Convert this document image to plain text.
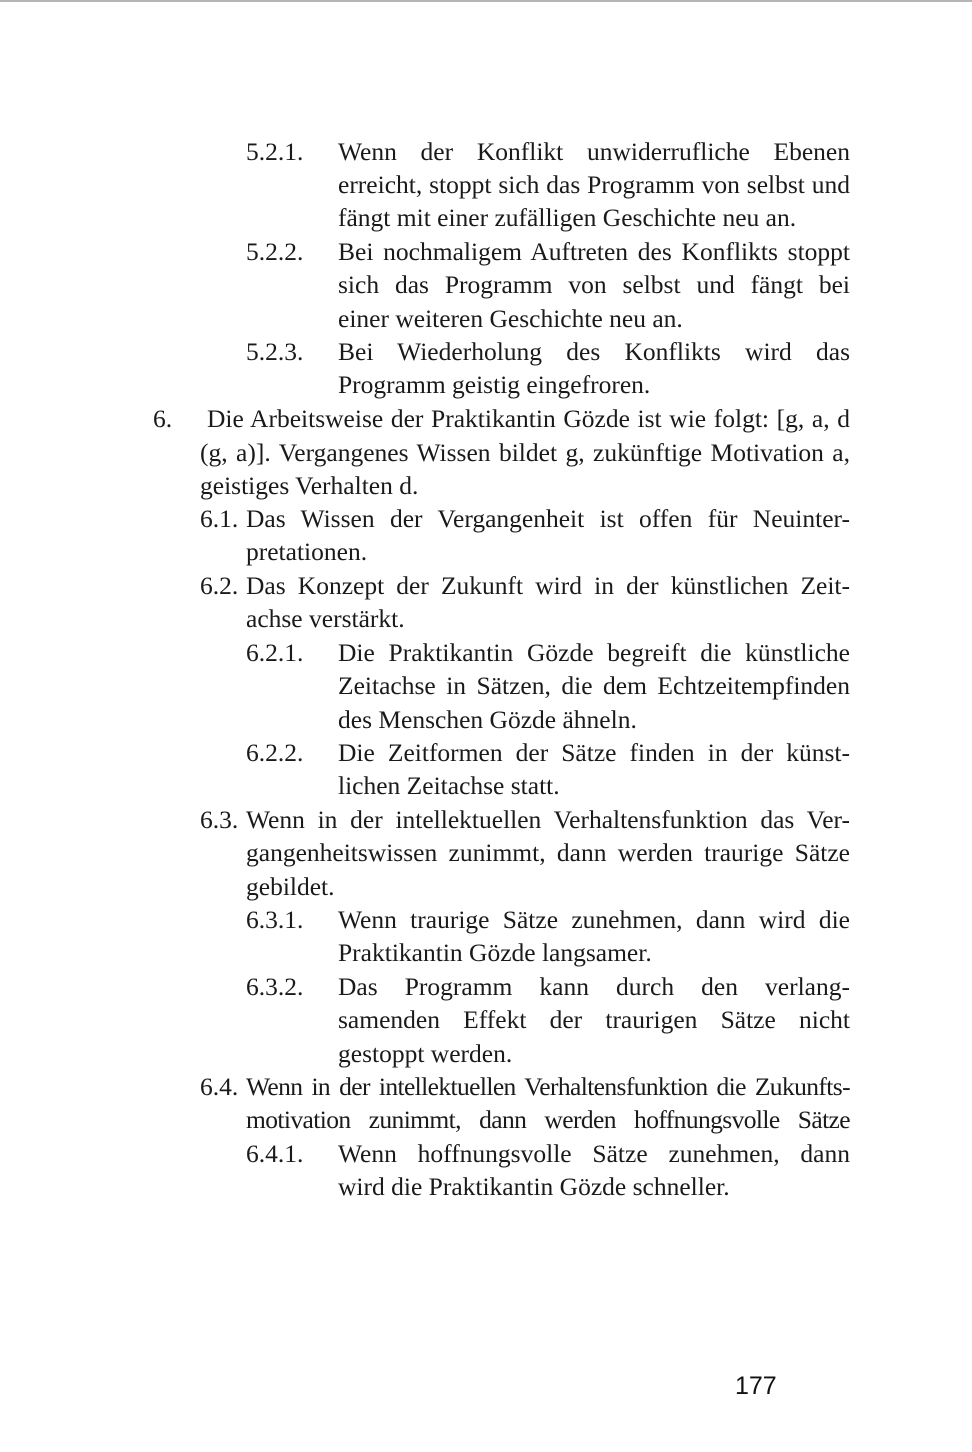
5.2.1. Wenn der Konflikt unwiderrufliche Ebenen
erreicht, stoppt sich das Programm von selbst und
fängt mit einer zufälligen Geschichte neu an.
5.2.2. Bei nochmaligem Auftreten des Konflikts stoppt
sich das Programm von selbst und fängt bei
einer weiteren Geschichte neu an.
5.2.3. Bei Wiederholung des Konflikts wird das
Programm geistig eingefroren.
6. Die Arbeitsweise der Praktikantin Gözde ist wie folgt: [g, a, d
(g, a)]. Vergangenes Wissen bildet g, zukünftige Motivation a,
geistiges Verhalten d.
6.1. Das Wissen der Vergangenheit ist offen für Neuinter-
pretationen.
6.2. Das Konzept der Zukunft wird in der künstlichen Zeit-
achse verstärkt.
6.2.1. Die Praktikantin Gözde begreift die künstliche
Zeitachse in Sätzen, die dem Echtzeitempfinden
des Menschen Gözde ähneln.
6.2.2. Die Zeitformen der Sätze finden in der künst-
lichen Zeitachse statt.
6.3. Wenn in der intellektuellen Verhaltensfunktion das Ver-
gangenheitswissen zunimmt, dann werden traurige Sätze
gebildet.
6.3.1. Wenn traurige Sätze zunehmen, dann wird die
Praktikantin Gözde langsamer.
6.3.2. Das Programm kann durch den verlang-
samenden Effekt der traurigen Sätze nicht
gestoppt werden.
6.4. Wenn in der intellektuellen Verhaltensfunktion die Zukunfts-
motivation zunimmt, dann werden hoffnungsvolle Sätze
6.4.1. Wenn hoffnungsvolle Sätze zunehmen, dann
wird die Praktikantin Gözde schneller.
177
